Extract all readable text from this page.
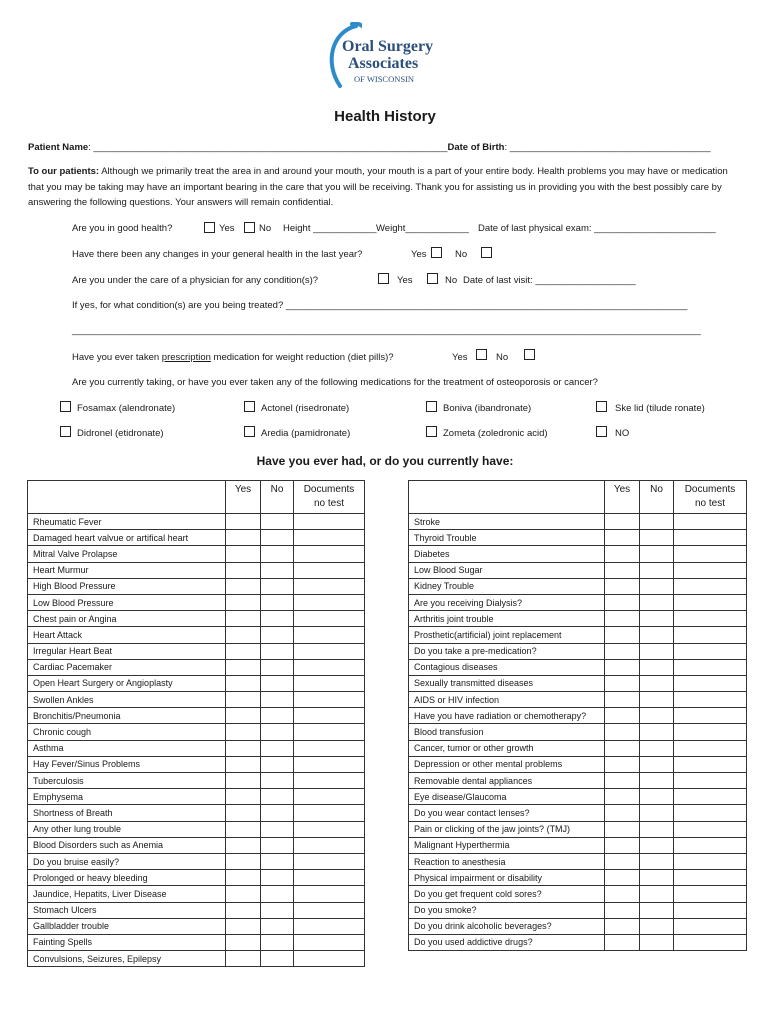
Oral Surgery
Associates
OF WISCONSIN
Health History
Patient Name: ___________________________________________________________________Date of Birth: ______________________________________
To our patients: Although we primarily treat the area in and around your mouth, your mouth is a part of your entire body. Health problems you may have or medication that you may be taking may have an important bearing in the care that you will be receiving. Thank you for assisting us in providing you with the best possibly care by answering the following questions. Your answers will remain confidential.
Are you in good health?	Yes	No Height ____________ Weight____________ Date of last physical exam: _______________________
Have there been any changes in your general health in the last year?	Yes	No
Are you under the care of a physician for any condition(s)?	Yes	No Date of last visit: ___________________
If yes, for what condition(s) are you being treated? ____________________________________________________________________________
_______________________________________________________________________________________________________________________
Have you ever taken prescription medication for weight reduction (diet pills)?	Yes	No
Are you currently taking, or have you ever taken any of the following medications for the treatment of osteoporosis or cancer?
Fosamax (alendronate)	Actonel (risedronate)	Boniva (ibandronate)	Ske lid (tilude ronate)
Didronel (etidronate)	Aredia (pamidronate)	Zometa (zoledronic acid)	NO
Have you ever had, or do you currently have:
	Yes	No	Documents
no test
Rheumatic Fever			
Damaged heart valvue or artifical heart			
Mitral Valve Prolapse			
Heart Murmur			
High Blood Pressure			
Low Blood Pressure			
Chest pain or Angina			
Heart Attack			
Irregular Heart Beat			
Cardiac Pacemaker			
Open Heart Surgery or Angioplasty			
Swollen Ankles			
Bronchitis/Pneumonia			
Chronic cough			
Asthma			
Hay Fever/Sinus Problems			
Tuberculosis			
Emphysema			
Shortness of Breath			
Any other lung trouble			
Blood Disorders such as Anemia			
Do you bruise easily?			
Prolonged or heavy bleeding			
Jaundice, Hepatits, Liver Disease			
Stomach Ulcers			
Gallbladder trouble			
Fainting Spells			
Convulsions, Seizures, Epilepsy			
	Yes	No	Documents
no test
Stroke			
Thyroid Trouble			
Diabetes			
Low Blood Sugar			
Kidney Trouble			
Are you receiving Dialysis?			
Arthritis joint trouble			
Prosthetic(artificial) joint replacement			
Do you take a pre-medication?			
Contagious diseases			
Sexually transmitted diseases			
AIDS or HIV infection			
Have you have radiation or chemotherapy?			
Blood transfusion			
Cancer, tumor or other growth			
Depression or other mental problems			
Removable dental appliances			
Eye disease/Glaucoma			
Do you wear contact lenses?			
Pain or clicking of the jaw joints? (TMJ)			
Malignant Hyperthermia			
Reaction to anesthesia			
Physical impairment or disability			
Do you get frequent cold sores?			
Do you smoke?			
Do you drink alcoholic beverages?			
Do you used addictive drugs?			
